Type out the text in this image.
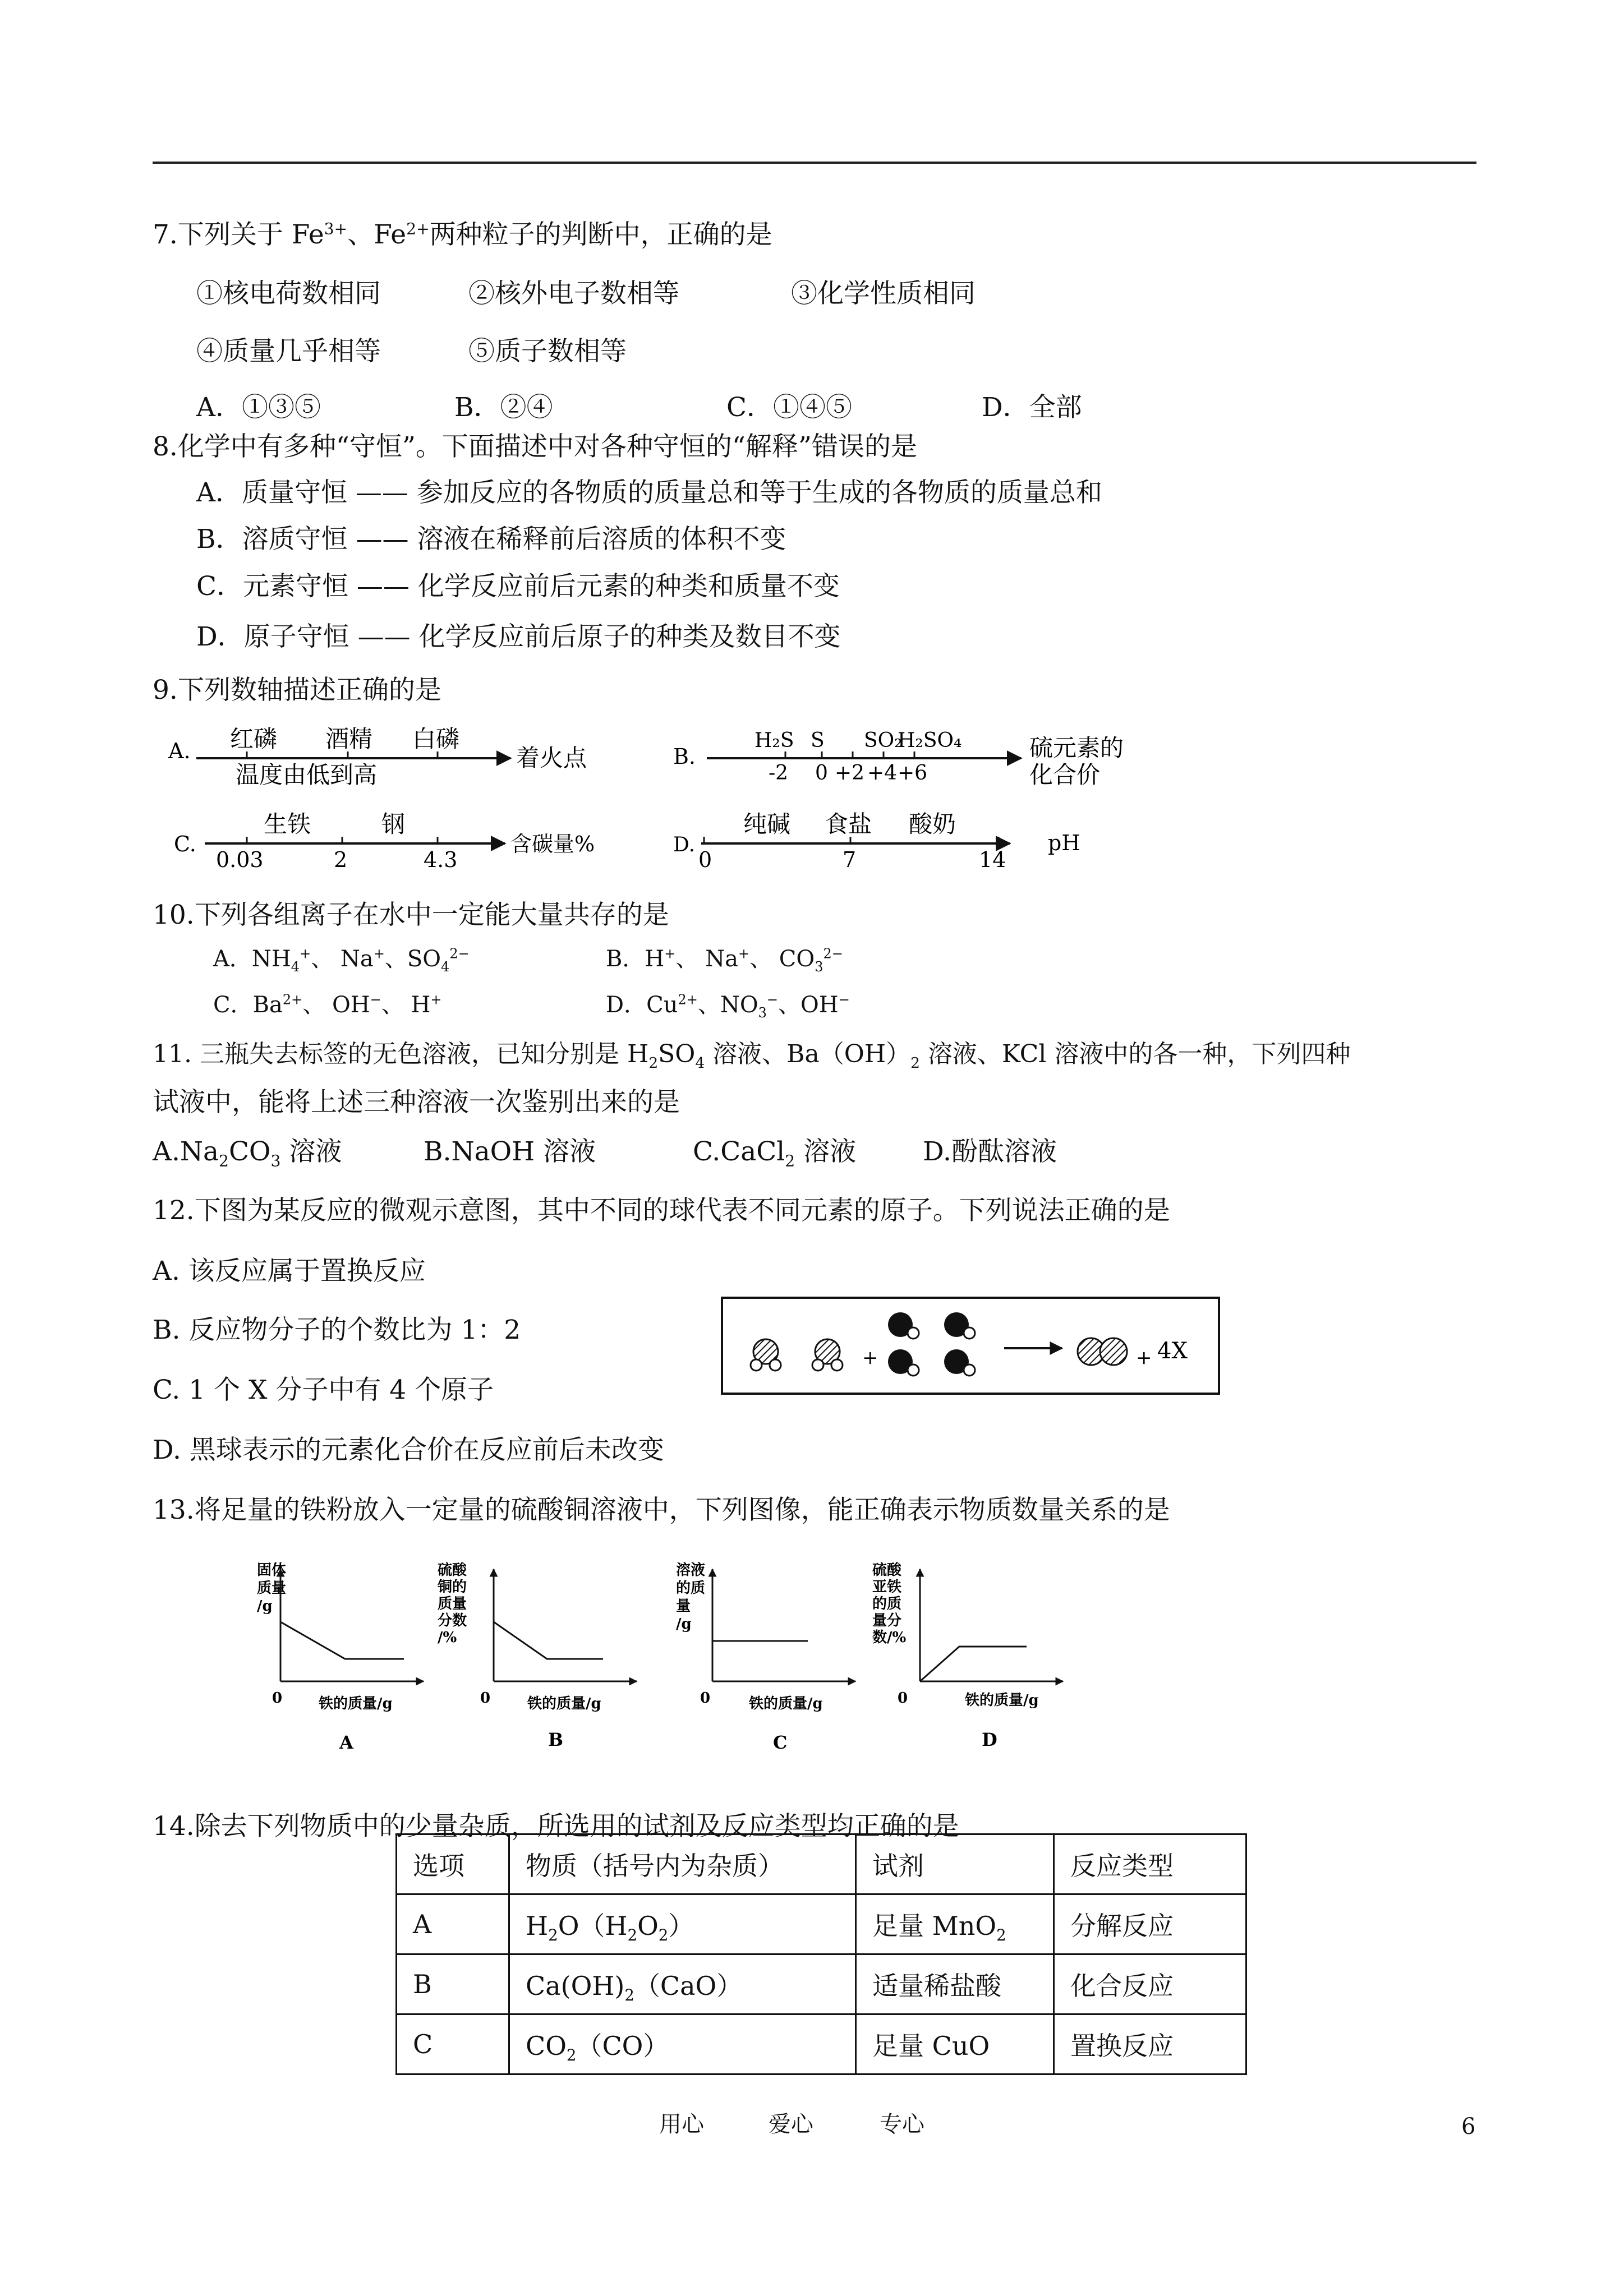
7.下列关于 $Fe^{3+}$、$Fe^{2+}$两种粒子的判断中，正确的是
①核电荷数相同	②核外电子数相等	③化学性质相同
④质量几乎相等	⑤质子数相等
A．①③⑤	B．②④	C．①④⑤	D．全部
8.化学中有多种“守恒”。下面描述中对各种守恒的“解释”错误的是
A．质量守恒 —— 参加反应的各物质的质量总和等于生成的各物质的质量总和
B．溶质守恒 —— 溶液在稀释前后溶质的体积不变
C．元素守恒 —— 化学反应前后元素的种类和质量不变
D．原子守恒 —— 化学反应前后原子的种类及数目不变
9.下列数轴描述正确的是
A. 红磷 酒精 白磷
温度由低到高
着火点	B.
H₂S S SO₂
H₂SO₄
-2 0 +2 +4 +6
硫元素的
化合价
C.
生铁	钢
0.03	2	4.3
含碳量%	D.
纯碱 食盐 酸奶
0	7	14
pH
10.下列各组离子在水中一定能大量共存的是
A．$NH_4^+$、 Na+、$SO_4^{2-}$	B．H+、 Na+、 $CO_3^{2-}$
C．$Ba^{2+}$、 OH−、 H+	D．$Cu^{2+}$、$NO_3^-$、OH−
11. 三瓶失去标签的无色溶液，已知分别是 $H_2SO_4$ 溶液、$Ba(OH)_2$ 溶液、KCl 溶液中的各一种，下列四种
试液中，能将上述三种溶液一次鉴别出来的是
$A.Na_2CO_3$ 溶液	B.NaOH 溶液	C.CaCl$_2$ 溶液	D.酚酞溶液
12.下图为某反应的微观示意图，其中不同的球代表不同元素的原子。下列说法正确的是
A. 该反应属于置换反应
B. 反应物分子的个数比为 1：2
C. 1 个 X 分子中有 4 个原子
D. 黑球表示的元素化合价在反应前后未改变
+	+ 4X
13.将足量的铁粉放入一定量的硫酸铜溶液中，下列图像，能正确表示物质数量关系的是
固体
质量
/g
0 铁的质量/g
A
硫酸
铜的
质量
分数
/%
0	铁的质量/g
B
溶液
的质
量
/g
0	铁的质量/g
C
硫酸
亚铁
的质
量分
数/%
0	铁的质量/g
D
14.除去下列物质中的少量杂质，所选用的试剂及反应类型均正确的是
选项	物质（括号内为杂质）	试剂	反应类型
A	$H_2O(H_2O_2)$	足量 MnO$_2$	分解反应
B	$Ca(OH)_2(CaO)$	适量稀盐酸	化合反应
C	$CO_2(CO)$	足量 CuO	置换反应
用心	爱心	专心	6
